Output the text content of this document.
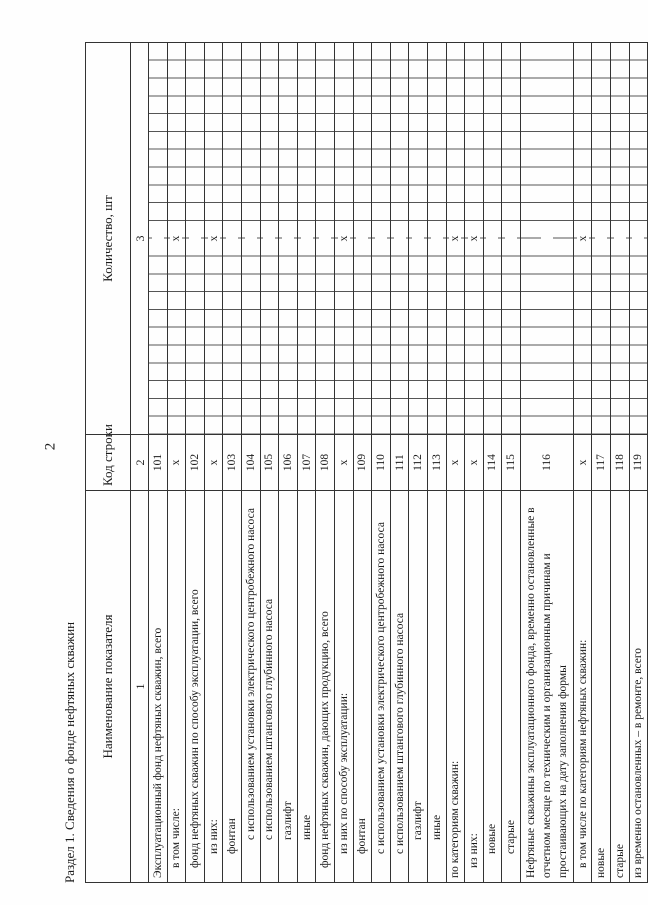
2
Раздел 1. Сведения о фонде нефтяных скважин Наименование показателя	Код строки	Количество, шт
1	2	3
Эксплуатационный фонд нефтяных скважин, всего	101	
в том числе:	х	х
фонд нефтяных скважин по способу эксплуатации, всего	102	
из них:	х	х
фонтан	103	
с использованием установки электрического центробежного насоса	104	
с использованием штангового глубинного насоса	105	
газлифт	106	
иные	107	
фонд нефтяных скважин, дающих продукцию, всего	108	
из них по способу эксплуатации:	х	х
фонтан	109	
с использованием установки электрического центробежного насоса	110	
с использованием штангового глубинного насоса	111	
газлифт	112	
иные	113	
по категориям скважин:	х	х
из них:	х	х
новые	114	
старые	115	
Нефтяные скважины эксплуатационного фонда, временно остановленные в отчетном месяце по техническим и организационным причинам и простаивающих на дату заполнения формы	116	
в том числе по категориям нефтяных скважин:	х	х
новые	117	
старые	118	
из временно остановленных – в ремонте, всего	119	
